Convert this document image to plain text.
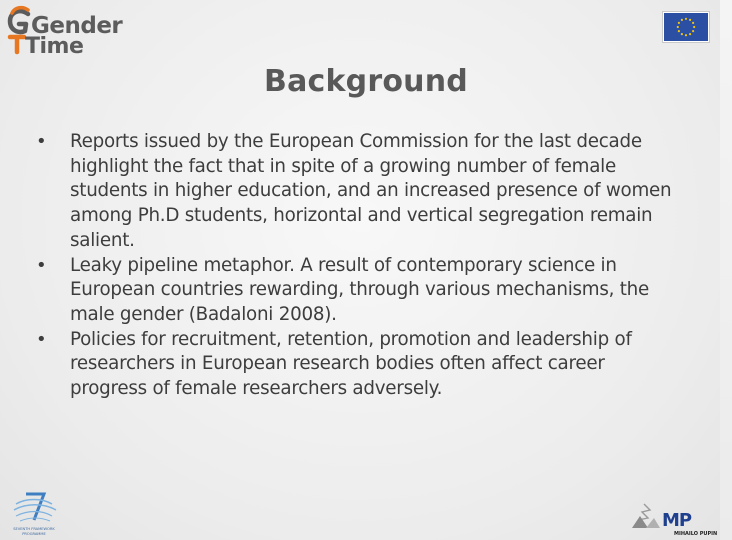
Gender
Time
Background
• Reports issued by the European Commission for the last decade highlight the fact that in spite of a growing number of female students in higher education, and an increased presence of women among Ph.D students, horizontal and vertical segregation remain salient.
• Leaky pipeline metaphor. A result of contemporary science in European countries rewarding, through various mechanisms, the male gender (Badaloni 2008).
• Policies for recruitment, retention, promotion and leadership of researchers in European research bodies often affect career progress of female researchers adversely.
SEVENTH FRAMEWORK
PROGRAMME
MP
MIHAILO PUPIN
